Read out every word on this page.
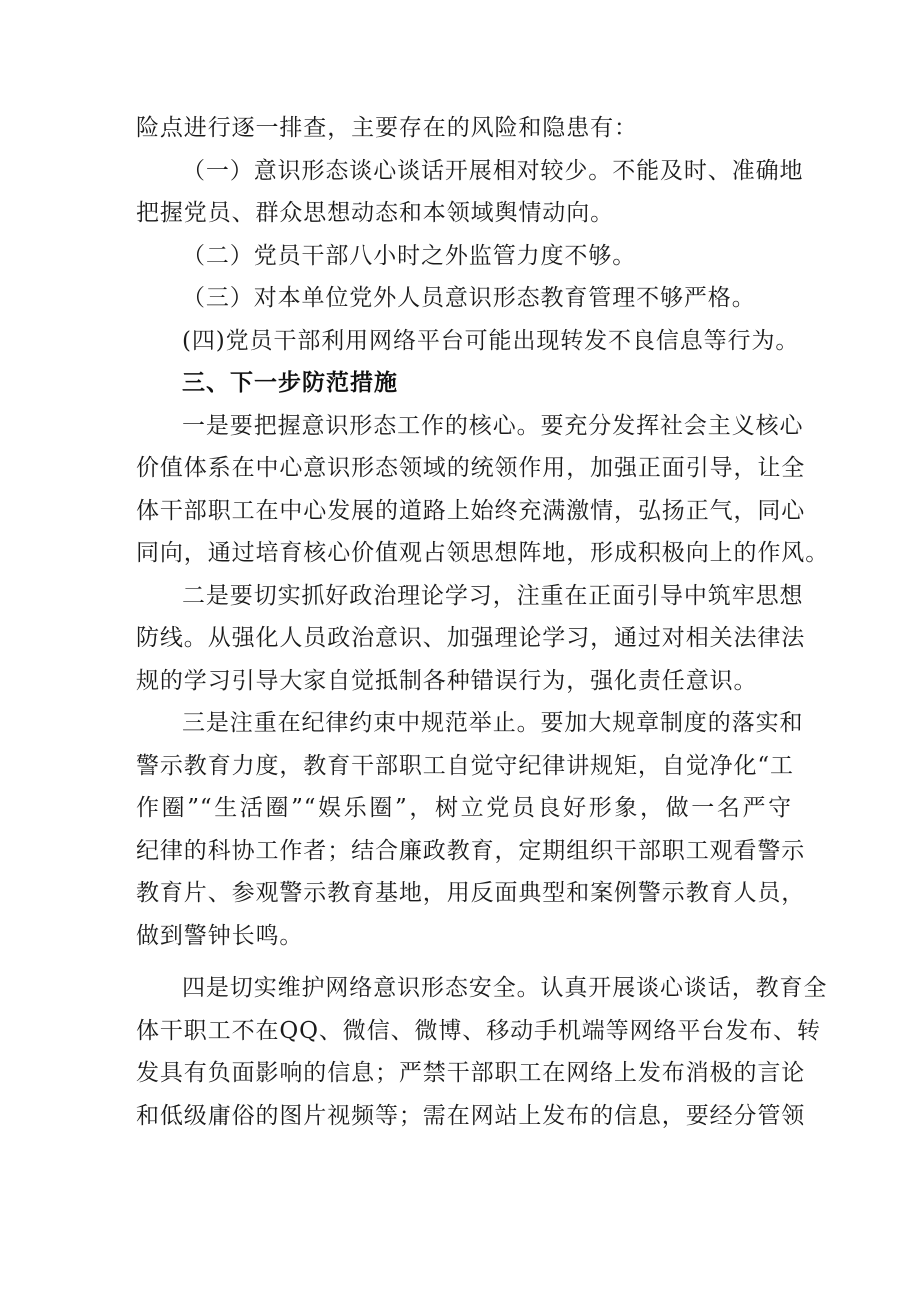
险点进行逐一排查，主要存在的风险和隐患有：
（一）意识形态谈心谈话开展相对较少。不能及时、准确地
把握党员、群众思想动态和本领域舆情动向。
（二）党员干部八小时之外监管力度不够。
（三）对本单位党外人员意识形态教育管理不够严格。
(四)党员干部利用网络平台可能出现转发不良信息等行为。
三、下一步防范措施
一是要把握意识形态工作的核心。要充分发挥社会主义核心
价值体系在中心意识形态领域的统领作用，加强正面引导，让全
体干部职工在中心发展的道路上始终充满激情，弘扬正气，同心
同向，通过培育核心价值观占领思想阵地，形成积极向上的作风。
二是要切实抓好政治理论学习，注重在正面引导中筑牢思想
防线。从强化人员政治意识、加强理论学习，通过对相关法律法
规的学习引导大家自觉抵制各种错误行为，强化责任意识。
三是注重在纪律约束中规范举止。要加大规章制度的落实和
警示教育力度，教育干部职工自觉守纪律讲规矩，自觉净化“工
作圈”“生活圈”“娱乐圈”，树立党员良好形象，做一名严守
纪律的科协工作者；结合廉政教育，定期组织干部职工观看警示
教育片、参观警示教育基地，用反面典型和案例警示教育人员，
做到警钟长鸣。
四是切实维护网络意识形态安全。认真开展谈心谈话，教育全
体干职工不在QQ、微信、微博、移动手机端等网络平台发布、转
发具有负面影响的信息；严禁干部职工在网络上发布消极的言论
和低级庸俗的图片视频等；需在网站上发布的信息，要经分管领
